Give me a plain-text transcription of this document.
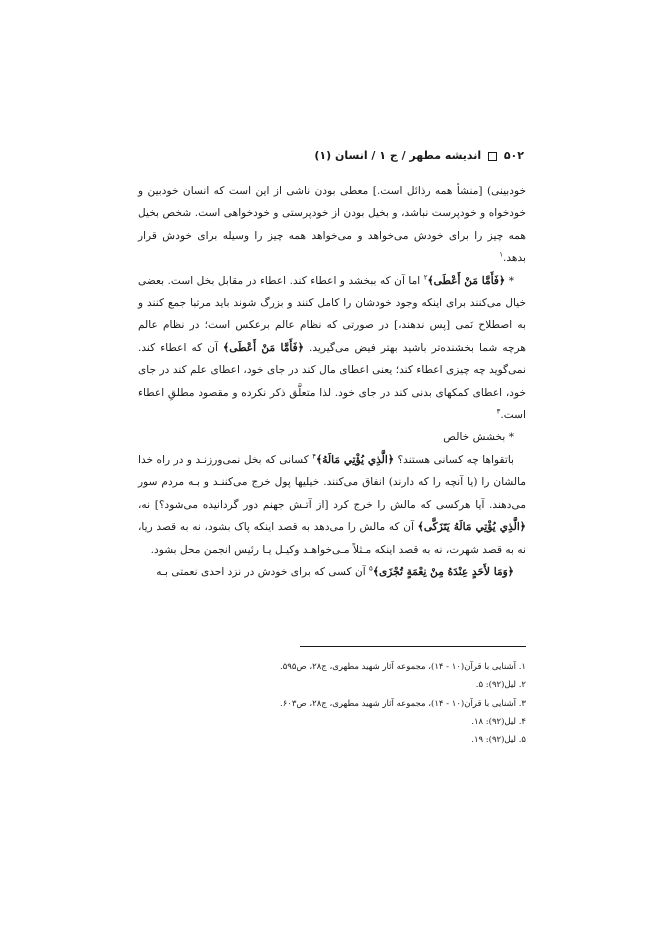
۵۰۲  اندیشه مطهر / ج ۱ / انسان (۱)

خودبینی) [منشأ همه رذائل است.] معطی بودن ناشی از این است که انسان خودبین و خودخواه و خودپرست نباشد، و بخیل بودن از خودپرستی و خودخواهی است. شخص بخیل همه چیز را برای خودش می‌خواهد و می‌خواهد همه چیز را وسیله برای خودش قرار بدهد.$^۱$

* ﴿فَأَمَّا مَنْ أَعْطَى﴾$^۲$ اما آن که ببخشد و اعطاء کند. اعطاء در مقابل بخل است. بعضی خیال می‌کنند برای اینکه وجود خودشان را کامل کنند و بزرگ شوند باید مرتبا جمع کنند و به اصطلاح نَمی [پس ندهند،] در صورتی که نظام عالم برعکس است؛ در نظام عالم هرچه شما بخشنده‌تر باشید بهتر فیض می‌گیرید. ﴿فَأَمَّا مَنْ أَعْطَى﴾ آن که اعطاء کند. نمی‌گوید چه چیزی اعطاء کند؛ یعنی اعطای مال کند در جای خود، اعطای علم کند در جای خود، اعطای کمکهای بدنی کند در جای خود. لذا متعلَّق ذکر نکرده و مقصود مطلقِ اعطاء است.$^۳$

* بخشش خالص

باتقواها چه کسانی هستند؟ ﴿الَّذِي يُؤْتِي مَالَهُ﴾$^۴$ کسانی که بخل نمی‌ورزنـد و در راه خدا مالشان را (یا آنچه را که دارند) انفاق می‌کنند. خیلیها پول خرج می‌کننـد و بـه مردم سور می‌دهند. آیا هرکسی که مالش را خرج کرد [از آتـش جهنم دور گردانیده می‌شود؟] نه، ﴿الَّذِي يُؤْتِي مَالَهُ يَتَزَكَّى﴾ آن که مالش را می‌دهد به قصد اینکه پاک بشود، نه به قصد ریا، نه به قصد شهرت، نه به قصد اینکه مـثلاً مـی‌خواهـد وکیـل یـا رئیس انجمن محل بشود.

﴿وَمَا لأَحَدٍ عِنْدَهُ مِنْ نِعْمَةٍ تُجْزَى﴾$^۵$ آن کسی که برای خودش در نزد احدی نعمتی بـه

۱. آشنایی با قرآن(۱۰ - ۱۴)، مجموعه آثار شهید مطهری، ج۲۸، ص۵۹۵.
۲. لیل(۹۲): ۵.
۳. آشنایی با قرآن(۱۰ - ۱۴)، مجموعه آثار شهید مطهری، ج۲۸، ص۶۰۳.
۴. لیل(۹۲): ۱۸.
۵. لیل(۹۲): ۱۹.
